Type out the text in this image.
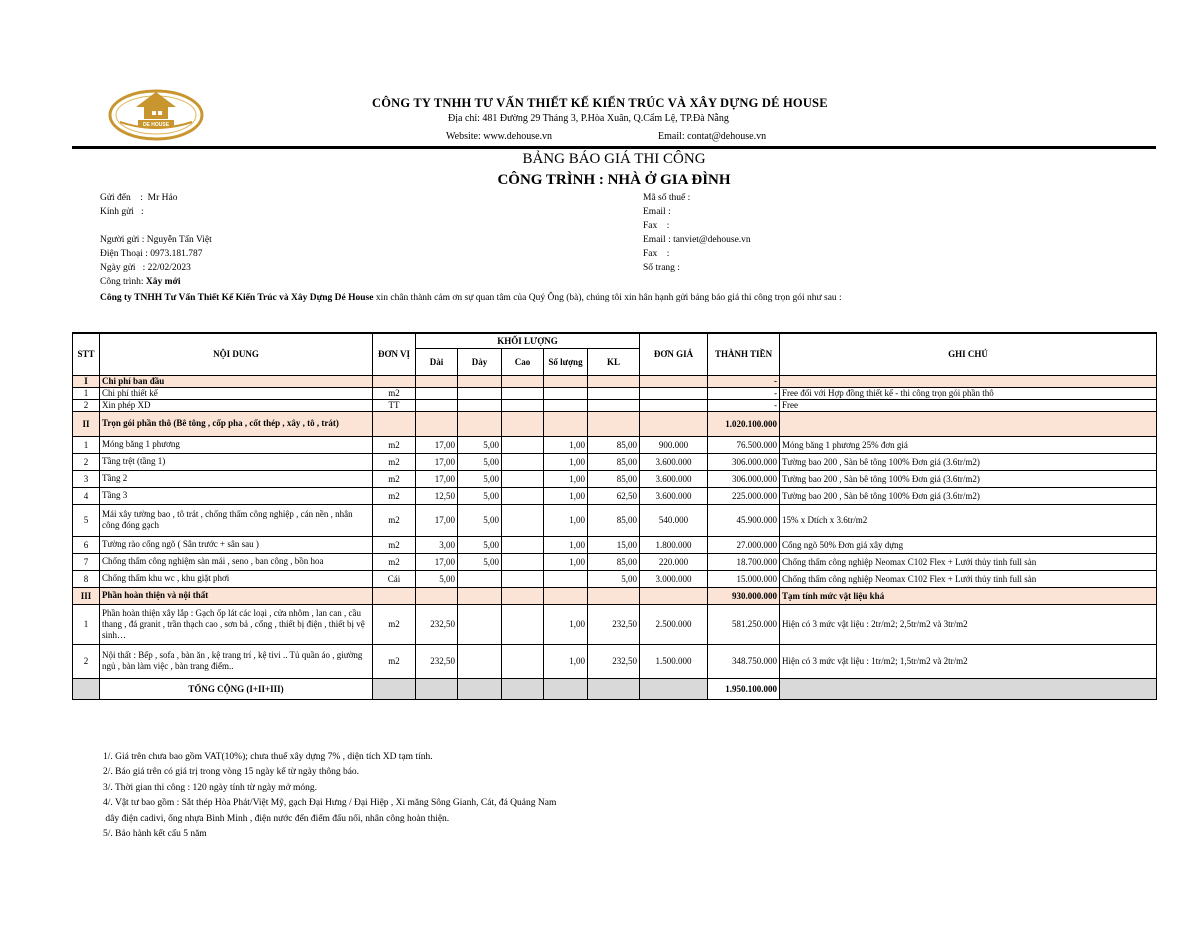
DE HOUSE
CÔNG TY TNHH TƯ VẤN THIẾT KẾ KIẾN TRÚC VÀ XÂY DỰNG DÉ HOUSE
Địa chỉ: 481 Đường 29 Tháng 3, P.Hòa Xuân, Q.Cẩm Lệ, TP.Đà Nẵng
Website: www.dehouse.vn	Email: contat@dehouse.vn
BẢNG BÁO GIÁ THI CÔNG
CÔNG TRÌNH : NHÀ Ở GIA ĐÌNH
Gửi đến    :  Mr Hảo
Kính gửi   :
Người gửi : Nguyễn Tấn Việt
Điện Thoại : 0973.181.787
Ngày gửi   : 22/02/2023
Công trình: Xây mới
Mã số thuế :
Email :
Fax    :
Email : tanviet@dehouse.vn
Fax    :
Số trang :
Công ty TNHH Tư Vấn Thiết Kế Kiến Trúc và Xây Dựng Dé House xin chân thành cảm ơn sự quan tâm của Quý Ông (bà), chúng tôi xin hân hạnh gửi bảng báo giá thi công trọn gói như sau :
STT	NỘI DUNG	ĐƠN VỊ	KHỐI LƯỢNG					ĐƠN GIÁ	THÀNH TIỀN	GHI CHÚ
			Dài	Dày	Cao	Số lượng	KL			
I	Chi phí ban đầu								-	
1	Chi phí thiết kế	m2							-	Free đối với Hợp đồng thiết kế - thi công trọn gói phần thô
2	Xin phép XD	TT							-	Free
II	Trọn gói phần thô (Bê tông , cốp pha , cốt thép , xây , tô , trát)								1.020.100.000	
1	Móng băng 1 phương	m2	17,00	5,00		1,00	85,00	900.000	76.500.000	Móng băng 1 phương 25% đơn giá
2	Tầng trệt (tầng 1)	m2	17,00	5,00		1,00	85,00	3.600.000	306.000.000	Tường bao 200 , Sàn bê tông 100% Đơn giá (3.6tr/m2)
3	Tầng 2	m2	17,00	5,00		1,00	85,00	3.600.000	306.000.000	Tường bao 200 , Sàn bê tông 100% Đơn giá (3.6tr/m2)
4	Tầng 3	m2	12,50	5,00		1,00	62,50	3.600.000	225.000.000	Tường bao 200 , Sàn bê tông 100% Đơn giá (3.6tr/m2)
5	Mái xây tường bao , tô trát , chống thấm công nghiệp , cán nền , nhân công đóng gạch	m2	17,00	5,00		1,00	85,00	540.000	45.900.000	15% x Dtích x 3.6tr/m2
6	Tường rào cổng ngõ ( Sân trước + sân sau )	m2	3,00	5,00		1,00	15,00	1.800.000	27.000.000	Cổng ngõ 50% Đơn giá xây dựng
7	Chống thấm công nghiệm sàn mái , seno , ban công , bồn hoa	m2	17,00	5,00		1,00	85,00	220.000	18.700.000	Chống thấm công nghiệp Neomax C102 Flex + Lưới thủy tinh full sàn
8	Chống thấm khu wc , khu giặt phơi	Cái	5,00				5,00	3.000.000	15.000.000	Chống thấm công nghiệp Neomax C102 Flex + Lưới thủy tinh full sàn
III	Phần hoàn thiện và nội thất								930.000.000	Tạm tính mức vật liệu khá
1	Phần hoàn thiện xây lắp : Gạch ốp lát các loại , cửa nhôm , lan can , cầu thang , đá granit , trần thạch cao , sơn bả , cổng , thiết bị điện , thiết bị vệ sinh…	m2	232,50			1,00	232,50	2.500.000	581.250.000	Hiện có 3 mức vật liệu : 2tr/m2; 2,5tr/m2 và 3tr/m2
2	Nội thất : Bếp , sofa , bàn ăn , kệ trang trí , kệ tivi .. Tủ quần áo , giường ngủ , bàn làm việc , bàn trang điểm..	m2	232,50			1,00	232,50	1.500.000	348.750.000	Hiện có 3 mức vật liệu : 1tr/m2; 1,5tr/m2 và 2tr/m2
	TỔNG CỘNG (I+II+III)								1.950.100.000	
1/. Giá trên chưa bao gồm VAT(10%); chưa thuế xây dựng 7% , diện tích XD tạm tính.
2/. Báo giá trên có giá trị trong vòng 15 ngày kể từ ngày thông báo.
3/. Thời gian thi công : 120 ngày tính từ ngày mở móng.
4/. Vật tư bao gồm : Sắt thép Hòa Phát/Việt Mỹ, gạch Đại Hưng / Đại Hiệp , Xi măng Sông Gianh, Cát, đá Quảng Nam
dây điện cadivi, ống nhựa Bình Minh , điện nước đến điểm đấu nối, nhân công hoàn thiện.
5/. Bảo hành kết cấu 5 năm
